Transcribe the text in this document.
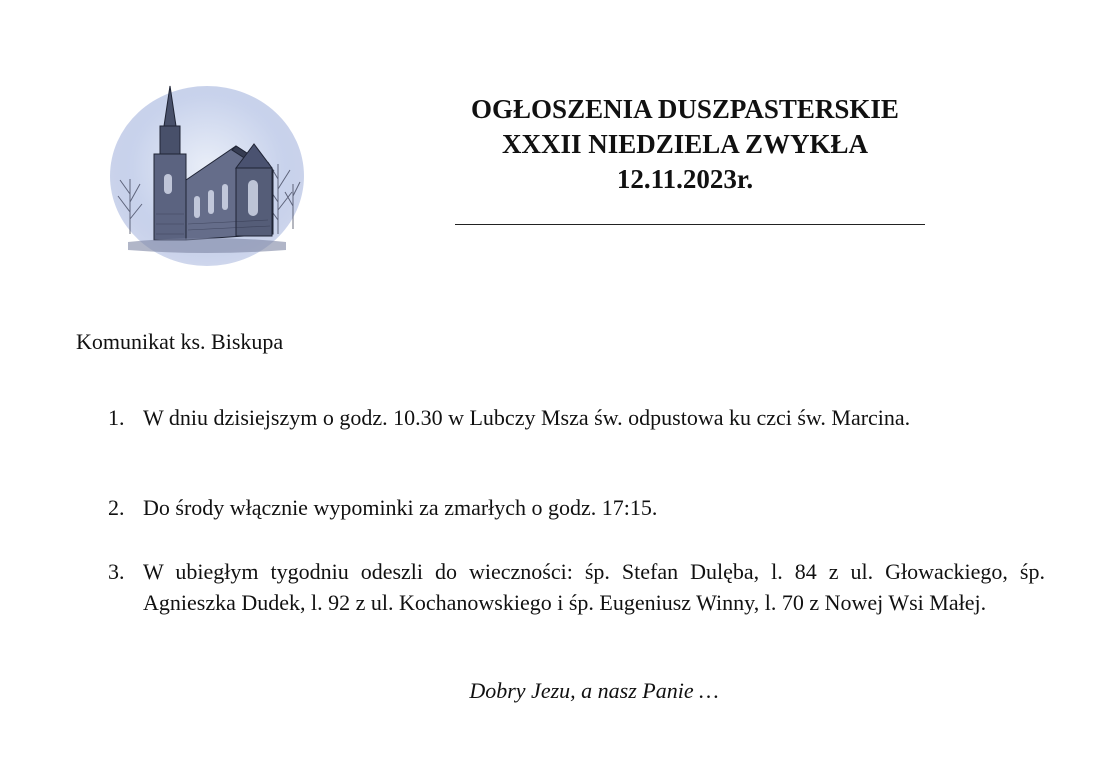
OGŁOSZENIA DUSZPASTERSKIE
XXXII NIEDZIELA ZWYKŁA
12.11.2023r.
Komunikat ks. Biskupa
1. W dniu dzisiejszym o godz. 10.30 w Lubczy Msza św. odpustowa ku czci św. Marcina.
2. Do środy włącznie wypominki za zmarłych o godz. 17:15.
3. W ubiegłym tygodniu odeszli do wieczności: śp. Stefan Dulęba, l. 84 z ul. Głowackiego, śp. Agnieszka Dudek, l. 92 z ul. Kochanowskiego i śp. Eugeniusz Winny, l. 70 z Nowej Wsi Małej.
Dobry Jezu, a nasz Panie …
